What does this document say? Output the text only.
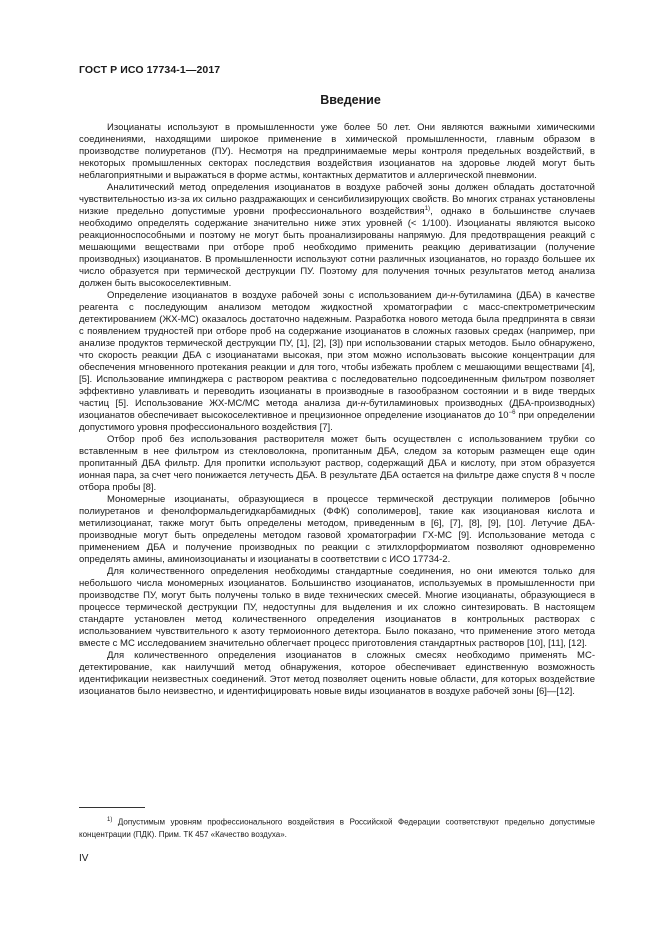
ГОСТ Р ИСО 17734-1—2017
Введение

Изоцианаты используют в промышленности уже более 50 лет. Они являются важными химическими соединениями, находящими широкое применение в химической промышленности, главным образом в производстве полиуретанов (ПУ). Несмотря на предпринимаемые меры контроля предельных воздействий, в некоторых промышленных секторах последствия воздействия изоцианатов на здоровье людей могут быть неблагоприятными и выражаться в форме астмы, контактных дерматитов и аллергической пневмонии.

Аналитический метод определения изоцианатов в воздухе рабочей зоны должен обладать достаточной чувствительностью из-за их сильно раздражающих и сенсибилизирующих свойств. Во многих странах установлены низкие предельно допустимые уровни профессионального воздействия$^{1)}$, однако в большинстве случаев необходимо определять содержание значительно ниже этих уровней (< 1/100). Изоцианаты являются высоко реакционноспособными и поэтому не могут быть проанализированы напрямую. Для предотвращения реакций с мешающими веществами при отборе проб необходимо применить реакцию дериватизации (получение производных) изоцианатов. В промышленности используют сотни различных изоцианатов, но гораздо большее их число образуется при термической деструкции ПУ. Поэтому для получения точных результатов метод анализа должен быть высокоселективным.

Определение изоцианатов в воздухе рабочей зоны с использованием ди-н-бутиламина (ДБА) в качестве реагента с последующим анализом методом жидкостной хроматографии с масс-спектрометрическим детектированием (ЖХ-МС) оказалось достаточно надежным. Разработка нового метода была предпринята в связи с появлением трудностей при отборе проб на содержание изоцианатов в сложных газовых средах (например, при анализе продуктов термической деструкции ПУ, [1], [2], [3]) при использовании старых методов. Было обнаружено, что скорость реакции ДБА с изоцианатами высокая, при этом можно использовать высокие концентрации для обеспечения мгновенного протекания реакции и для того, чтобы избежать проблем с мешающими веществами [4], [5]. Использование импинджера с раствором реактива с последовательно подсоединенным фильтром позволяет эффективно улавливать и переводить изоцианаты в производные в газообразном состоянии и в виде твердых частиц [5]. Использование ЖХ-МС/МС метода анализа ди-н-бутиламиновых производных (ДБА-производных) изоцианатов обеспечивает высокоселективное и прецизионное определение изоцианатов до $10^{-6}$ при определении допустимого уровня профессионального воздействия [7].

Отбор проб без использования растворителя может быть осуществлен с использованием трубки со вставленным в нее фильтром из стекловолокна, пропитанным ДБА, следом за которым размещен еще один пропитанный ДБА фильтр. Для пропитки используют раствор, содержащий ДБА и кислоту, при этом образуется ионная пара, за счет чего понижается летучесть ДБА. В результате ДБА остается на фильтре даже спустя 8 ч после отбора пробы [8].

Мономерные изоцианаты, образующиеся в процессе термической деструкции полимеров [обычно полиуретанов и фенолформальдегидкарбамидных (ФФК) сополимеров], такие как изоциановая кислота и метилизоцианат, также могут быть определены методом, приведенным в [6], [7], [8], [9], [10]. Летучие ДБА-производные могут быть определены методом газовой хроматографии ГХ-МС [9]. Использование метода с применением ДБА и получение производных по реакции с этилхлорформиатом позволяют одновременно определять амины, аминоизоцианаты и изоцианаты в соответствии с ИСО 17734-2.

Для количественного определения необходимы стандартные соединения, но они имеются только для небольшого числа мономерных изоцианатов. Большинство изоцианатов, используемых в промышленности при производстве ПУ, могут быть получены только в виде технических смесей. Многие изоцианаты, образующиеся в процессе термической деструкции ПУ, недоступны для выделения и их сложно синтезировать. В настоящем стандарте установлен метод количественного определения изоцианатов в контрольных растворах с использованием чувствительного к азоту термоионного детектора. Было показано, что применение этого метода вместе с МС исследованием значительно облегчает процесс приготовления стандартных растворов [10], [11], [12].

Для количественного определения изоцианатов в сложных смесях необходимо применять МС-детектирование, как наилучший метод обнаружения, которое обеспечивает единственную возможность идентификации неизвестных соединений. Этот метод позволяет оценить новые области, для которых воздействие изоцианатов было неизвестно, и идентифицировать новые виды изоцианатов в воздухе рабочей зоны [6]—[12].

$^{1)}$ Допустимым уровням профессионального воздействия в Российской Федерации соответствуют предельно допустимые концентрации (ПДК). Прим. ТК 457 «Качество воздуха».
IV
